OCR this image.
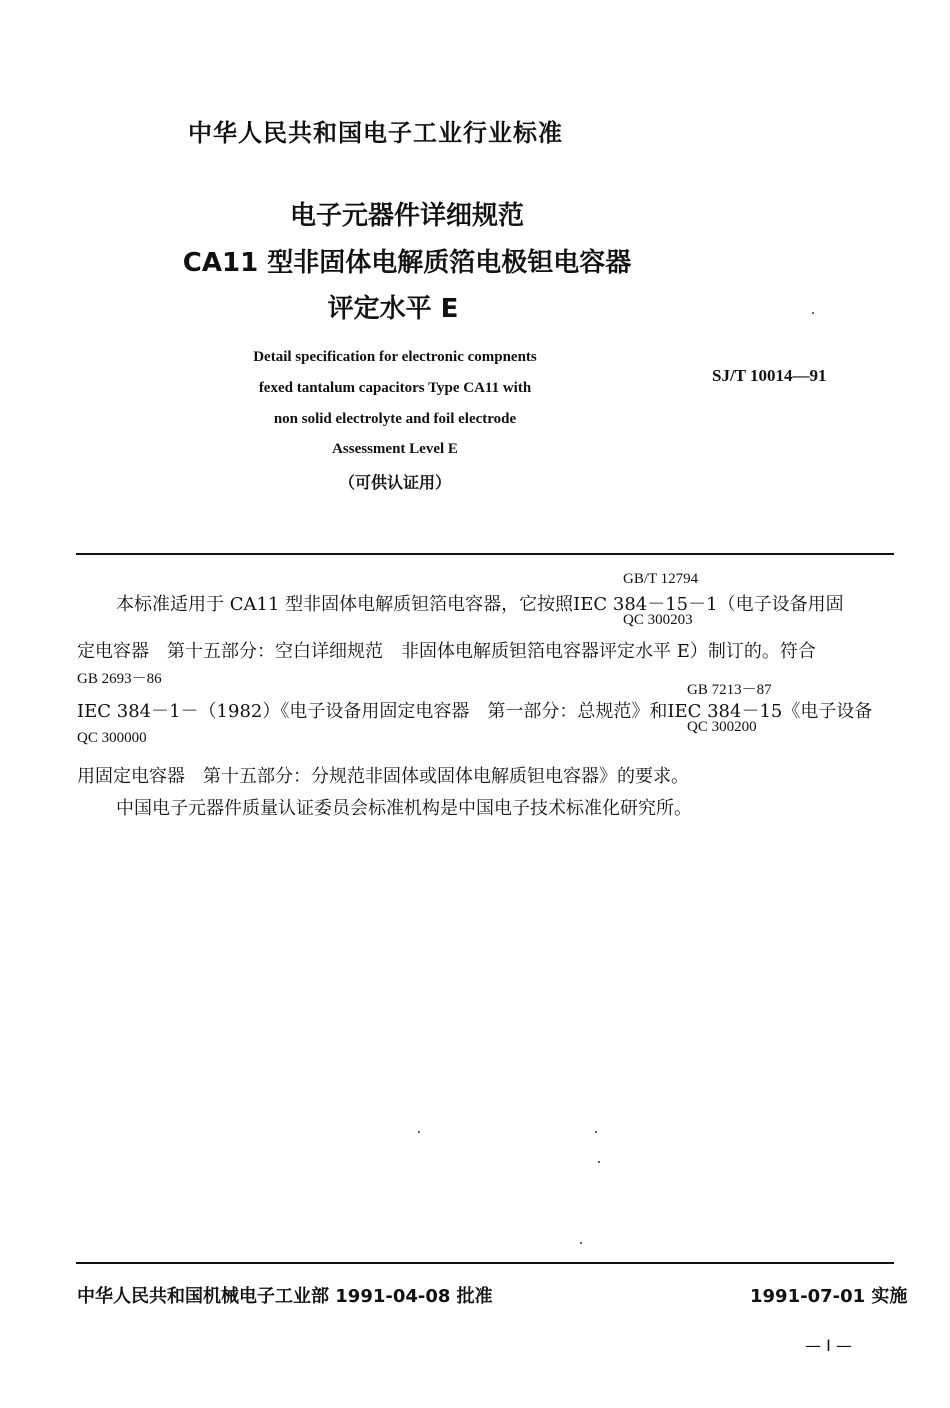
中华人民共和国电子工业行业标准
电子元器件详细规范
CA11 型非固体电解质箔电极钽电容器
评定水平 E
Detail specification for electronic compnents
fexed tantalum capacitors Type CA11 with
non solid electrolyte and foil electrode
Assessment Level E
（可供认证用）
SJ/T 10014—91
GB/T 12794
本标准适用于 CA11 型非固体电解质钽箔电容器，它按照IEC 384－15－1（电子设备用固
QC 300203
定电容器　第十五部分：空白详细规范　非固体电解质钽箔电容器评定水平 E）制订的。符合
GB 2693－86
GB 7213－87
IEC 384－1－（1982）《电子设备用固定电容器　第一部分：总规范》和IEC 384－15《电子设备
QC 300000
QC 300200
用固定电容器　第十五部分：分规范非固体或固体电解质钽电容器》的要求。
中国电子元器件质量认证委员会标准机构是中国电子技术标准化研究所。
中华人民共和国机械电子工业部 1991-04-08 批准	1991-07-01 实施
— I —
